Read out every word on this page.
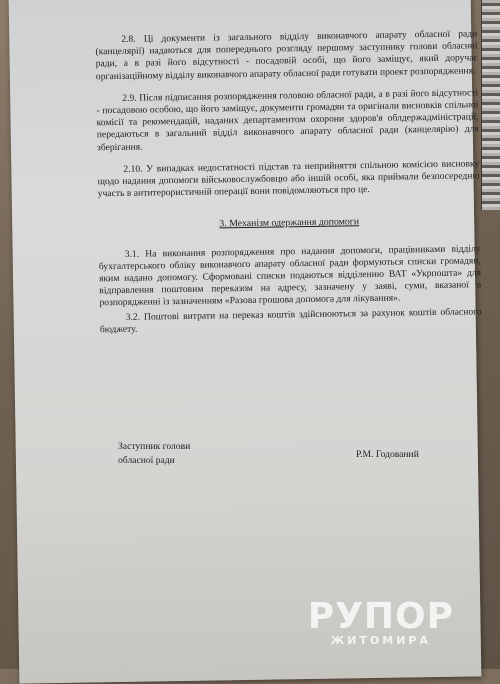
2.8. Ці документи із загального відділу виконавчого апарату обласної ради (канцелярії) надаються для попереднього розгляду першому заступнику голови обласної ради, а в разі його відсутності - посадовій особі, що його заміщує, який доручає організаційному відділу виконавчого апарату обласної ради готувати проект розпорядження.

2.9. Після підписання розпорядження головою обласної ради, а в разі його відсутності - посадовою особою, що його заміщує, документи громадян та оригінали висновків спільної комісії та рекомендацій, наданих департаментом охорони здоров'я облдержадміністрації, передаються в загальний відділ виконавчого апарату обласної ради (канцелярію) для зберігання.

2.10. У випадках недостатності підстав та неприйняття спільною комісією висновку щодо надання допомоги військовослужбовцю або іншій особі, яка приймали безпосередню участь в антитерористичній операції вони повідомляються про це.

3. Механізм одержання допомоги

3.1. На виконання розпорядження про надання допомоги, працівниками відділу бухгалтерського обліку виконавчого апарату обласної ради формуються списки громадян, яким надано допомогу. Сформовані списки подаються відділенню ВАТ «Укрпошта» для відправлення поштовим переказом на адресу, зазначену у заяві, суми, вказаної в розпорядженні із зазначенням «Разова грошова допомога для лікування».

3.2. Поштові витрати на переказ коштів здійснюються за рахунок коштів обласного бюджету.

Заступник голови
обласної ради
Р.М. Годований
РУПОР
ЖИТОМИРА
